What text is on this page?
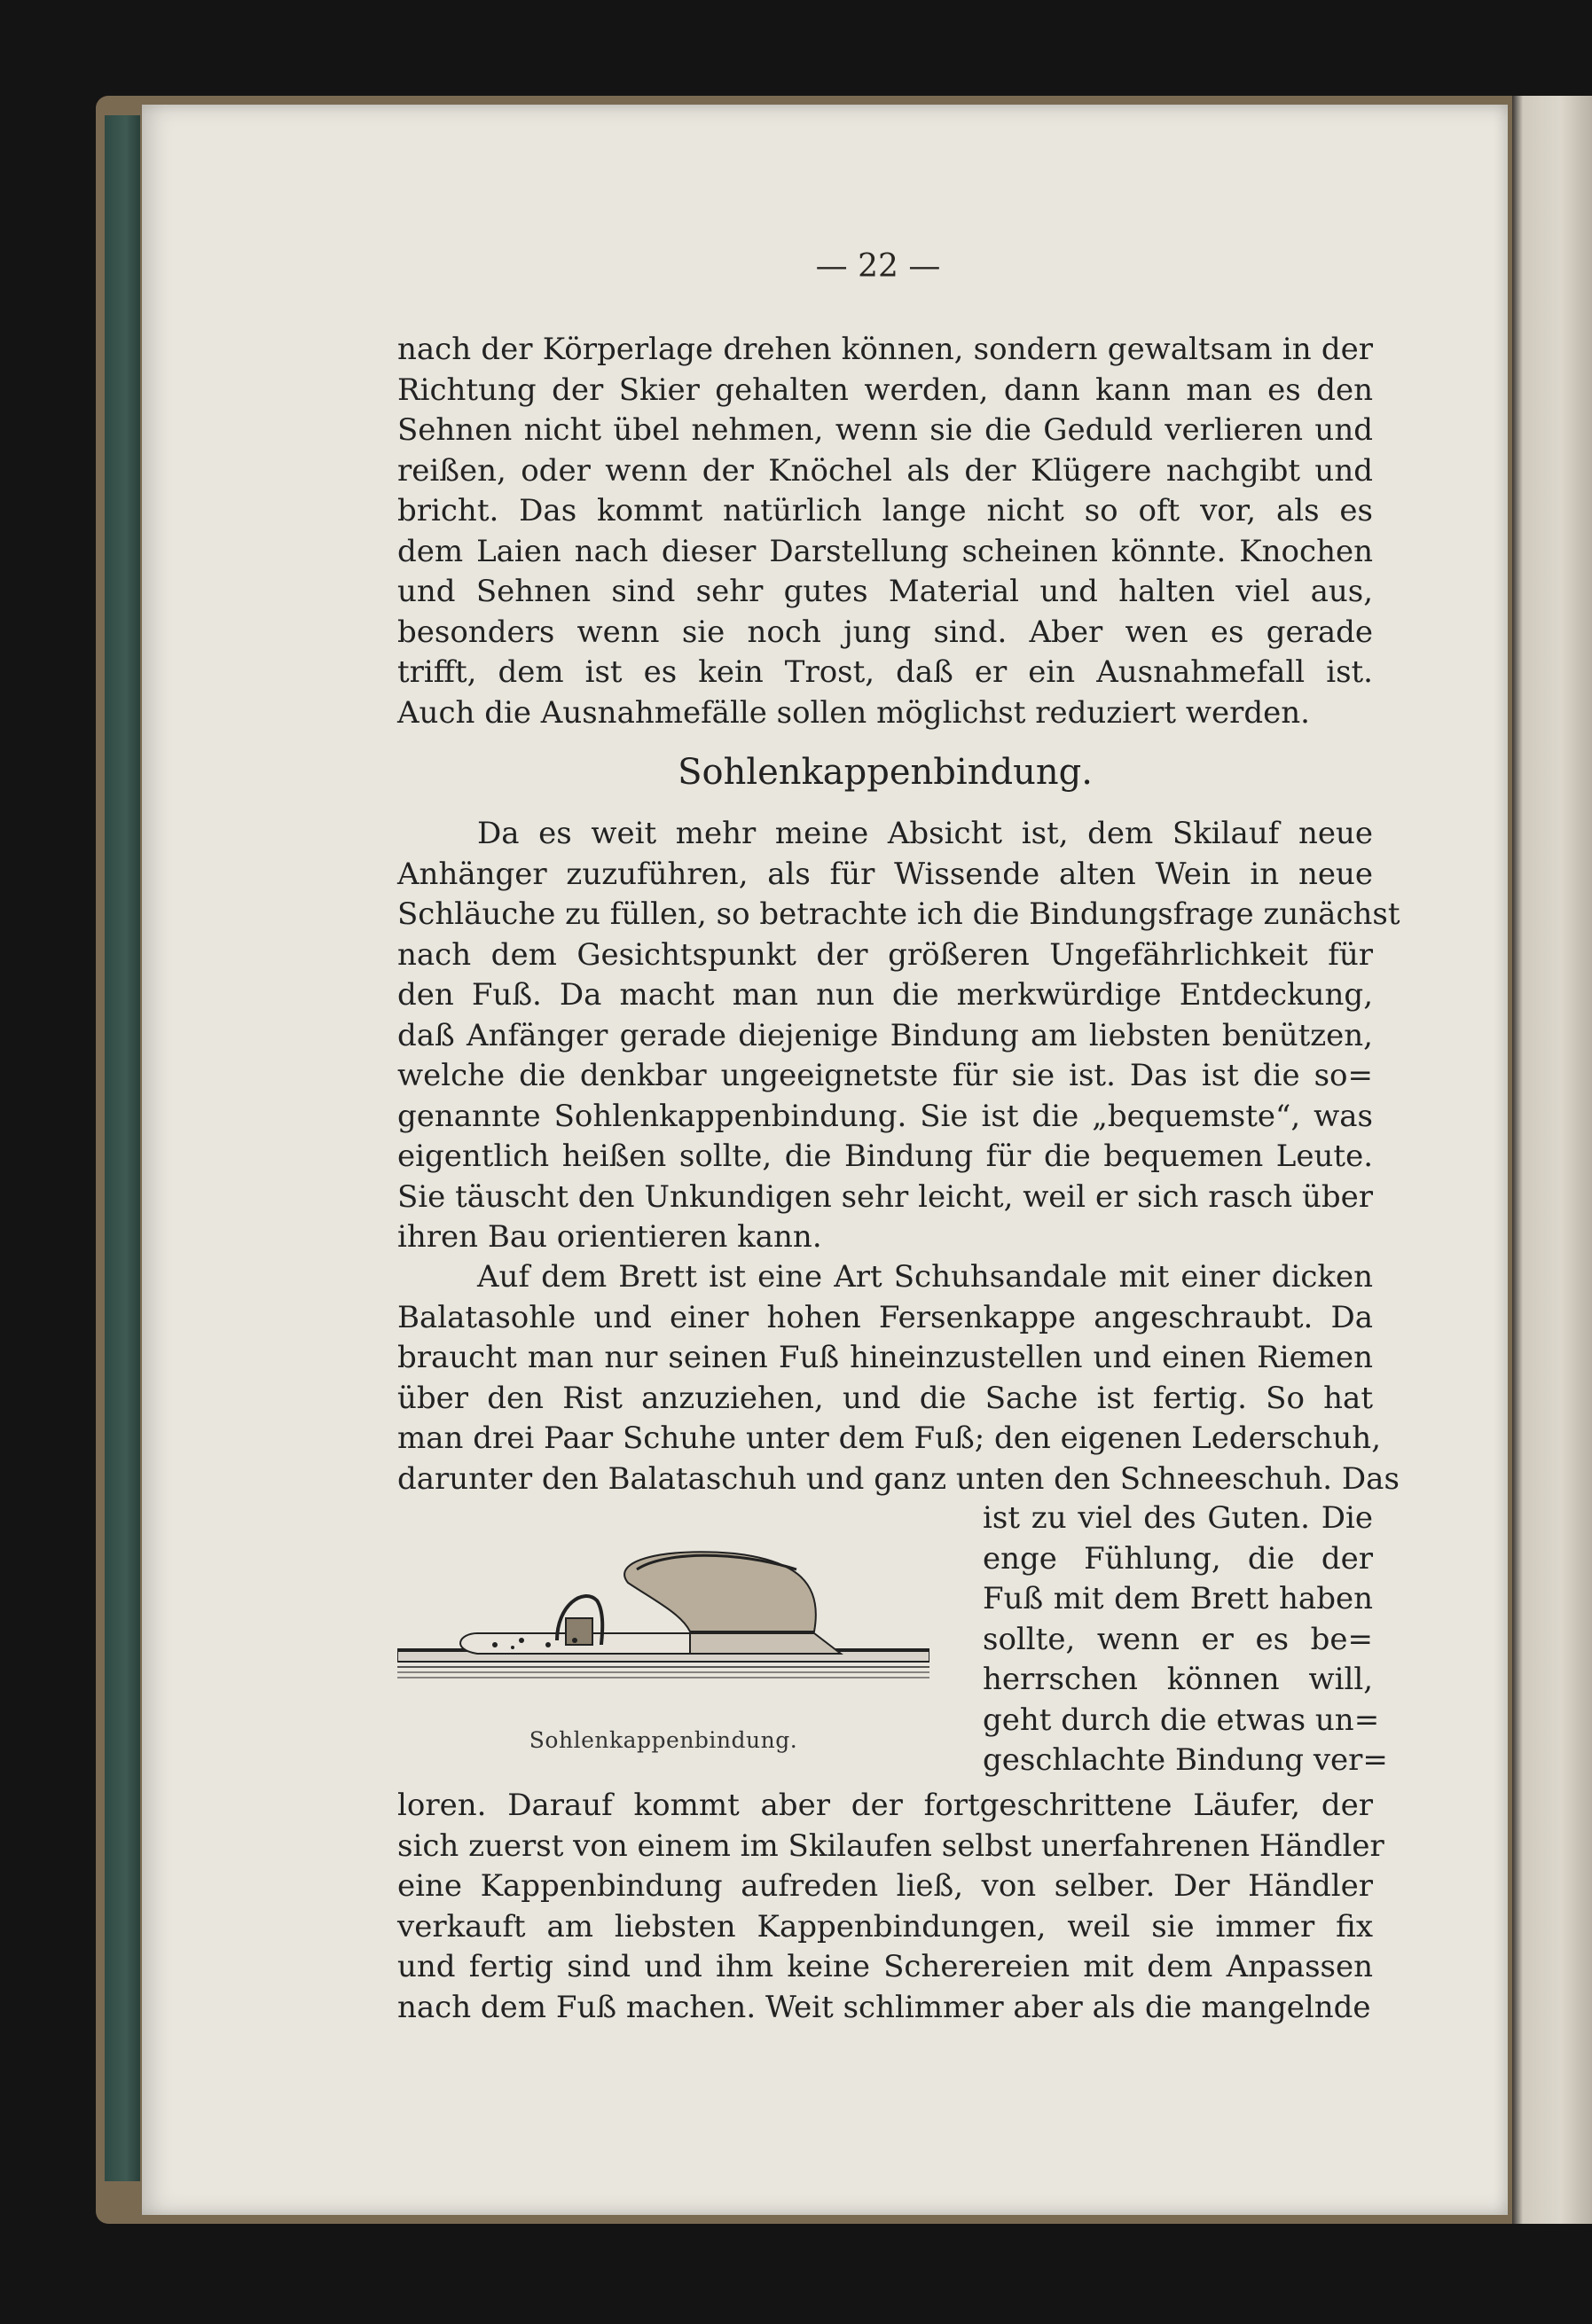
— 22 —
nach der Körperlage drehen können, sondern gewaltsam in der
Richtung der Skier gehalten werden, dann kann man es den
Sehnen nicht übel nehmen, wenn sie die Geduld verlieren und
reißen, oder wenn der Knöchel als der Klügere nachgibt und
bricht. Das kommt natürlich lange nicht so oft vor, als es
dem Laien nach dieser Darstellung scheinen könnte. Knochen
und Sehnen sind sehr gutes Material und halten viel aus,
besonders wenn sie noch jung sind. Aber wen es gerade
trifft, dem ist es kein Trost, daß er ein Ausnahmefall ist.
Auch die Ausnahmefälle sollen möglichst reduziert werden.
Sohlenkappenbindung.
Da es weit mehr meine Absicht ist, dem Skilauf neue
Anhänger zuzuführen, als für Wissende alten Wein in neue
Schläuche zu füllen, so betrachte ich die Bindungsfrage zunächst
nach dem Gesichtspunkt der größeren Ungefährlichkeit für
den Fuß. Da macht man nun die merkwürdige Entdeckung,
daß Anfänger gerade diejenige Bindung am liebsten benützen,
welche die denkbar ungeeignetste für sie ist. Das ist die so=
genannte Sohlenkappenbindung. Sie ist die „bequemste“, was
eigentlich heißen sollte, die Bindung für die bequemen Leute.
Sie täuscht den Unkundigen sehr leicht, weil er sich rasch über
ihren Bau orientieren kann.
Auf dem Brett ist eine Art Schuhsandale mit einer dicken
Balatasohle und einer hohen Fersenkappe angeschraubt. Da
braucht man nur seinen Fuß hineinzustellen und einen Riemen
über den Rist anzuziehen, und die Sache ist fertig. So hat
man drei Paar Schuhe unter dem Fuß; den eigenen Lederschuh,
darunter den Balataschuh und ganz unten den Schneeschuh. Das
ist zu viel des Guten. Die
enge Fühlung, die der
Fuß mit dem Brett haben
sollte, wenn er es be=
herrschen können will,
geht durch die etwas un=
geschlachte Bindung ver=
Sohlenkappenbindung.
loren. Darauf kommt aber der fortgeschrittene Läufer, der
sich zuerst von einem im Skilaufen selbst unerfahrenen Händler
eine Kappenbindung aufreden ließ, von selber. Der Händler
verkauft am liebsten Kappenbindungen, weil sie immer fix
und fertig sind und ihm keine Scherereien mit dem Anpassen
nach dem Fuß machen. Weit schlimmer aber als die mangelnde
